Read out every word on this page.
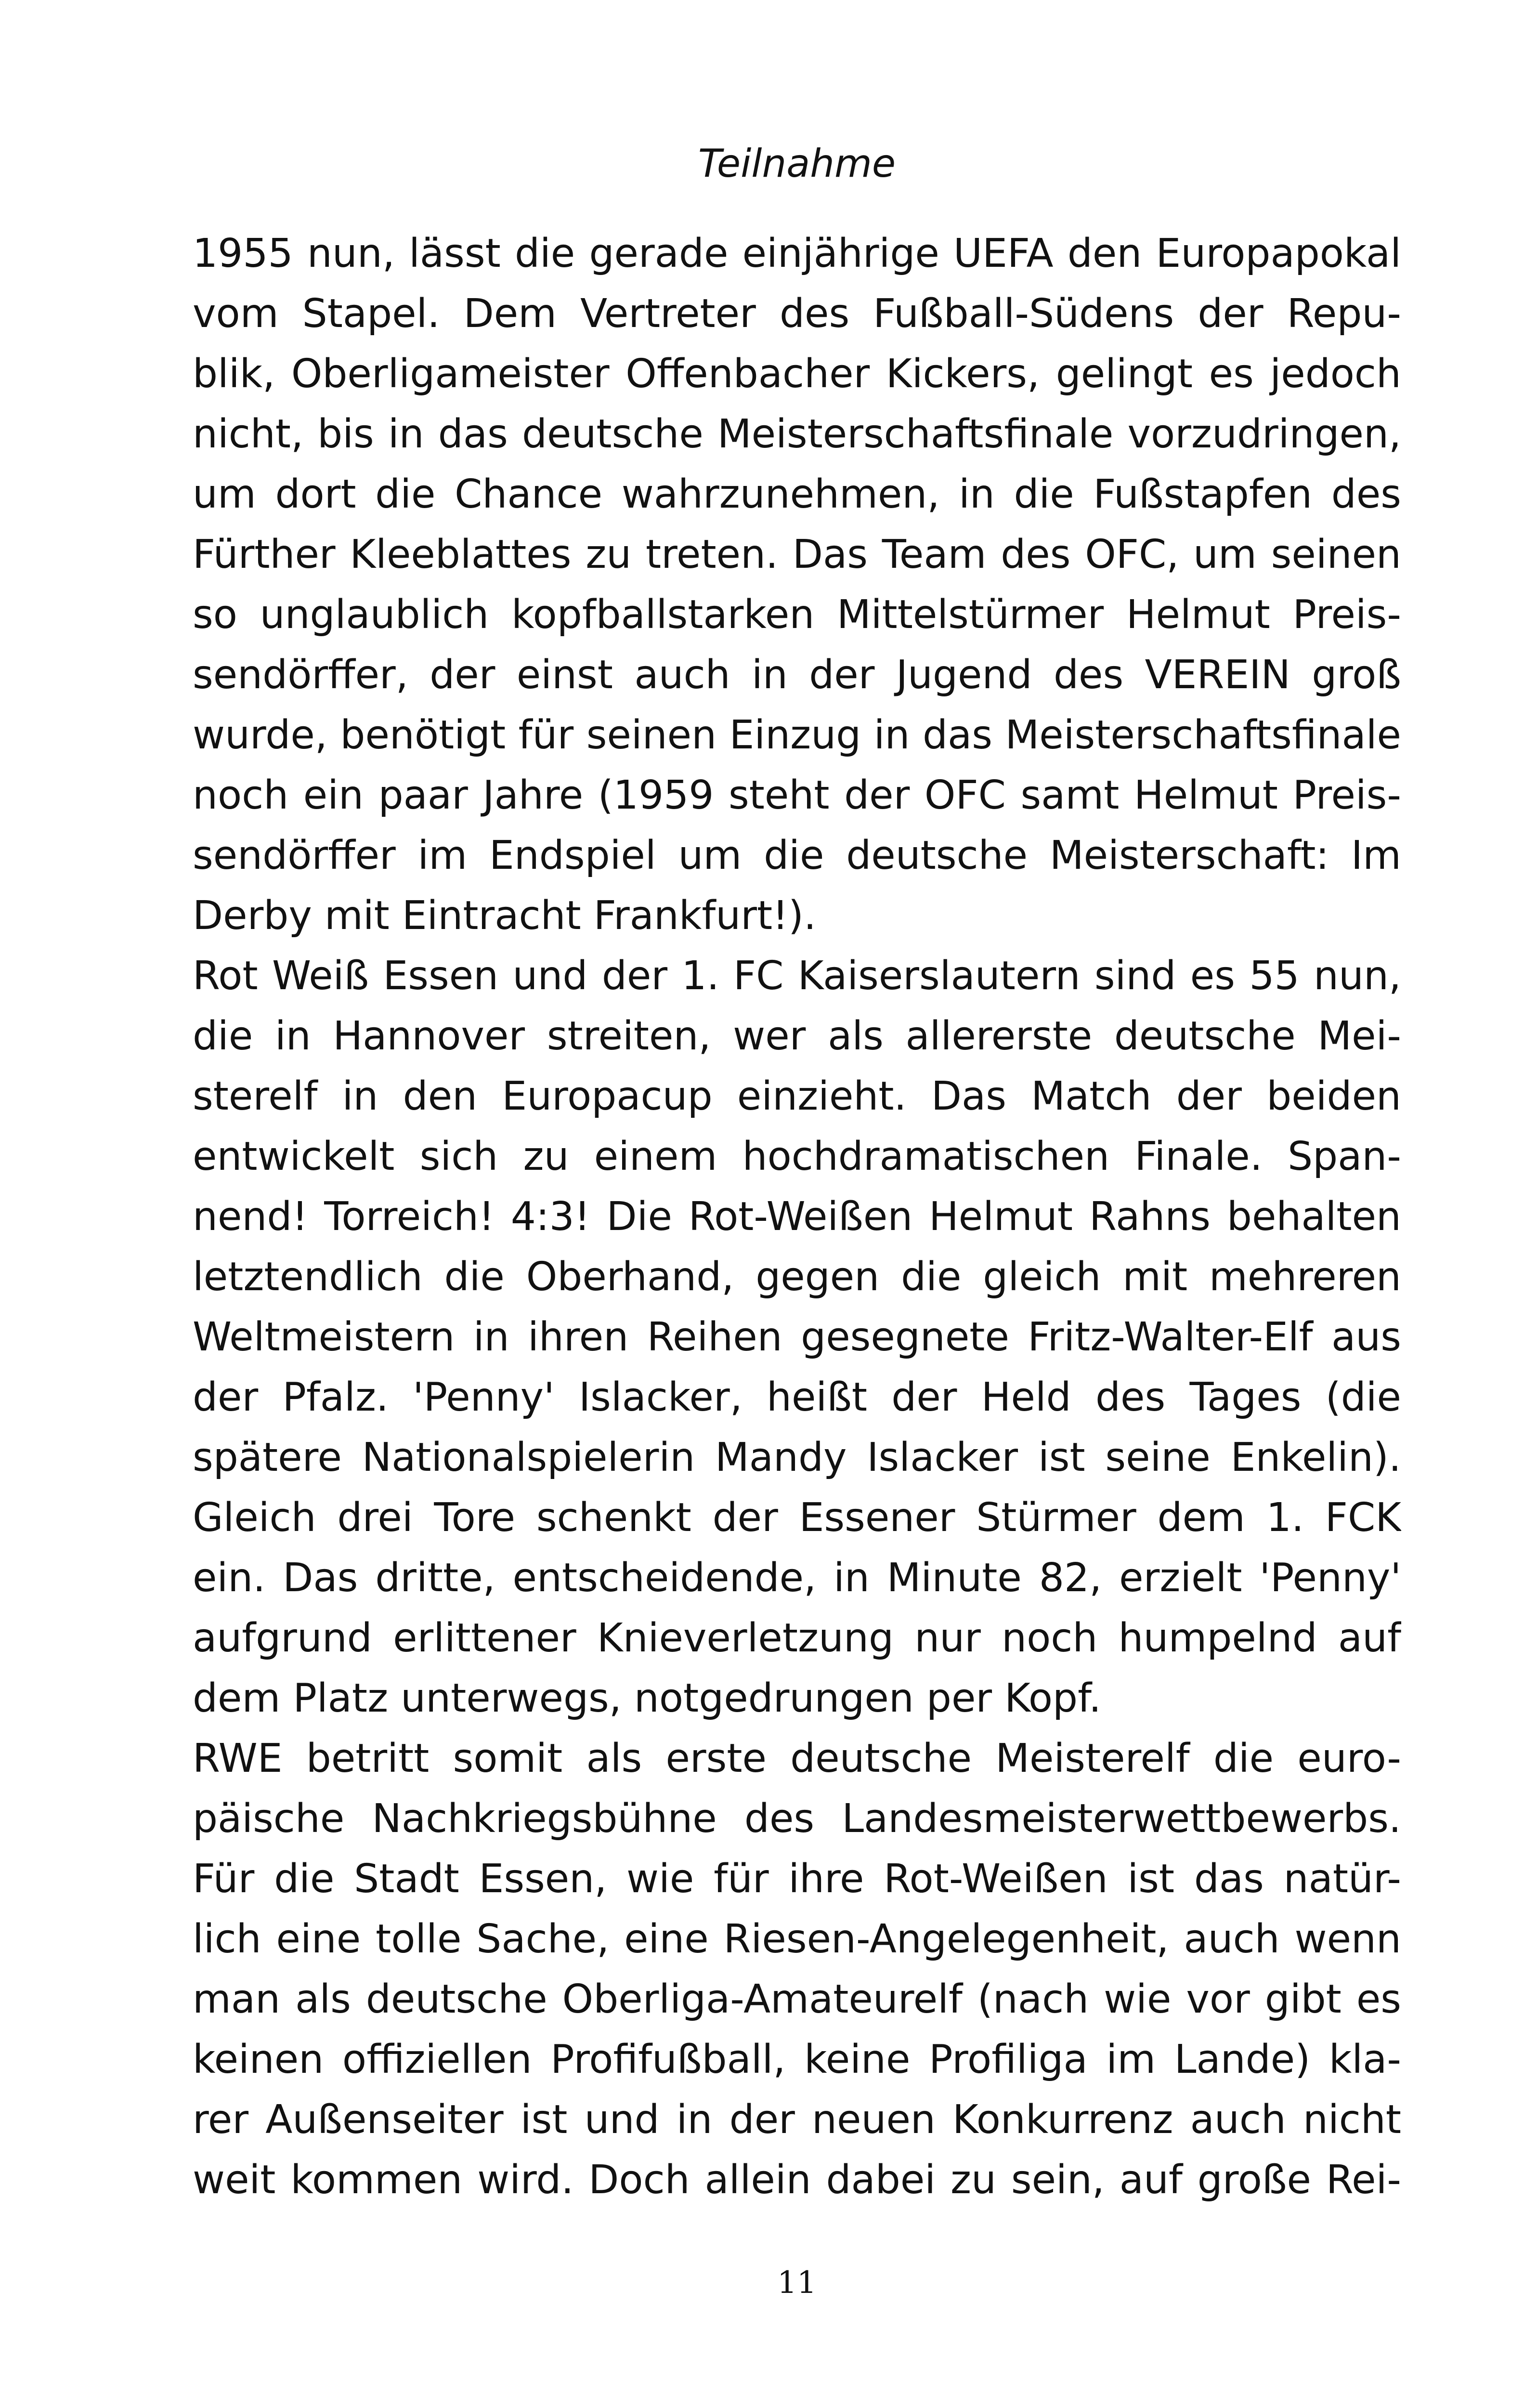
Teilnahme

1955 nun, lässt die gerade einjährige UEFA den Europapokal
vom Stapel. Dem Vertreter des Fußball-Südens der Repu-
blik, Oberligameister Offenbacher Kickers, gelingt es jedoch
nicht, bis in das deutsche Meisterschaftsfinale vorzudringen,
um dort die Chance wahrzunehmen, in die Fußstapfen des
Fürther Kleeblattes zu treten. Das Team des OFC, um seinen
so unglaublich kopfballstarken Mittelstürmer Helmut Preis-
sendörffer, der einst auch in der Jugend des VEREIN groß
wurde, benötigt für seinen Einzug in das Meisterschaftsfinale
noch ein paar Jahre (1959 steht der OFC samt Helmut Preis-
sendörffer im Endspiel um die deutsche Meisterschaft: Im
Derby mit Eintracht Frankfurt!).

Rot Weiß Essen und der 1. FC Kaiserslautern sind es 55 nun,
die in Hannover streiten, wer als allererste deutsche Mei-
sterelf in den Europacup einzieht. Das Match der beiden
entwickelt sich zu einem hochdramatischen Finale. Span-
nend! Torreich! 4:3! Die Rot-Weißen Helmut Rahns behalten
letztendlich die Oberhand, gegen die gleich mit mehreren
Weltmeistern in ihren Reihen gesegnete Fritz-Walter-Elf aus
der Pfalz. 'Penny' Islacker, heißt der Held des Tages (die
spätere Nationalspielerin Mandy Islacker ist seine Enkelin).
Gleich drei Tore schenkt der Essener Stürmer dem 1. FCK
ein. Das dritte, entscheidende, in Minute 82, erzielt 'Penny'
aufgrund erlittener Knieverletzung nur noch humpelnd auf
dem Platz unterwegs, notgedrungen per Kopf.

RWE betritt somit als erste deutsche Meisterelf die euro-
päische Nachkriegsbühne des Landesmeisterwettbewerbs.
Für die Stadt Essen, wie für ihre Rot-Weißen ist das natür-
lich eine tolle Sache, eine Riesen-Angelegenheit, auch wenn
man als deutsche Oberliga-Amateurelf (nach wie vor gibt es
keinen offiziellen Profifußball, keine Profiliga im Lande) kla-
rer Außenseiter ist und in der neuen Konkurrenz auch nicht
weit kommen wird. Doch allein dabei zu sein, auf große Rei-

11
